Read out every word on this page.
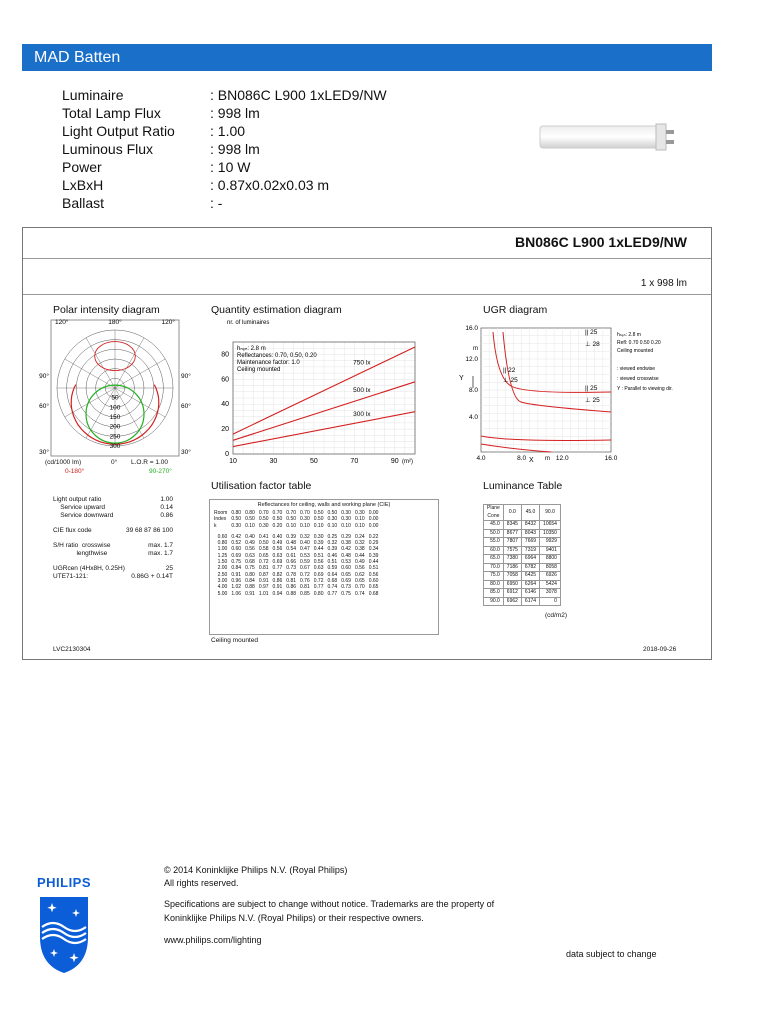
MAD Batten
Luminaire	: BN086C L900 1xLED9/NW
Total Lamp Flux	: 998 lm
Light Output Ratio	: 1.00
Luminous Flux	: 998 lm
Power	: 10 W
LxBxH	: 0.87x0.02x0.03 m
Ballast	: -
BN086C L900 1xLED9/NW
1 x 998 lm
Polar intensity diagram
50
100
150
200
250
300
120°	180°	120°
90°	90°
60°	60°
30°	30°
(cd/1000 lm)	0° L.O.R = 1.00
0-180°	90-270°
Quantity estimation diagram
nr. of luminaires
10	30	50	70	90
0
20
40
60
80
(m²)
hₙₑₙ: 2.8 m
Reflectances: 0.70, 0.50, 0.20
Maintenance factor: 1.0
Ceiling mounted
750 lx
500 lx
300 lx
UGR diagram
16.0
12.0
8.0
4.0
4.0	8.0	12.0	16.0
m
Y
m
X
|| 22
⊥ 25
|| 25
⊥ 28
|| 25
⊥ 25
hₙₑₙ: 2.8 m
Refl: 0.70 0.50 0.20
Ceiling mounted
: viewed endwise
: viewed crosswise
Y : Parallel to viewing dir.
Light output ratio	1.00
Service upward	0.14
Service downward	0.86
CIE flux code	39 68 87 86 100
S/H ratio  crosswise	max. 1.7
lengthwise	max. 1.7
UGRcen (4Hx8H, 0.25H)	25
UTE71-121:	0.86G + 0.14T
Utilisation factor table
Reflectances for ceiling, walls and working plane (CIE)
Room	0.80	0.80	0.70	0.70	0.70	0.70	0.50	0.50	0.30	0.30	0.00
Index	0.50	0.50	0.50	0.50	0.50	0.30	0.50	0.30	0.30	0.10	0.00
k	0.30	0.10	0.30	0.20	0.10	0.10	0.10	0.10	0.10	0.10	0.00

0.60	0.42	0.40	0.41	0.40	0.39	0.32	0.30	0.25	0.29	0.24	0.22
0.80	0.52	0.49	0.50	0.49	0.48	0.40	0.39	0.32	0.38	0.32	0.29
1.00	0.60	0.56	0.58	0.56	0.54	0.47	0.44	0.39	0.42	0.38	0.34
1.25	0.69	0.63	0.65	0.63	0.61	0.53	0.51	0.46	0.48	0.44	0.39
1.50	0.75	0.68	0.72	0.69	0.66	0.59	0.56	0.51	0.53	0.49	0.44
2.00	0.84	0.75	0.81	0.77	0.73	0.67	0.63	0.59	0.60	0.56	0.51
2.50	0.91	0.80	0.87	0.82	0.78	0.72	0.69	0.64	0.65	0.62	0.56
3.00	0.96	0.84	0.91	0.86	0.81	0.76	0.72	0.68	0.69	0.65	0.60
4.00	1.02	0.88	0.97	0.91	0.86	0.81	0.77	0.74	0.73	0.70	0.65
5.00	1.06	0.91	1.01	0.94	0.88	0.85	0.80	0.77	0.75	0.74	0.68
Ceiling mounted
Luminance Table
Plane
Cone	0.0	45.0	90.0
45.0	8345	8432	10654
50.0	8677	8043	10350
55.0	7807	7669	9929
60.0	7575	7319	9401
65.0	7380	6964	8800
70.0	7186	6782	8058
75.0	7058	6425	6926
80.0	6950	6264	5424
85.0	6912	6146	3078
90.0	6962	6174	0
(cd/m2)
LVC2130304	2018-09-26
PHILIPS
© 2014 Koninklijke Philips N.V. (Royal Philips)
All rights reserved.
Specifications are subject to change without notice. Trademarks are the property of
Koninklijke Philips N.V. (Royal Philips) or their respective owners.
www.philips.com/lighting
data subject to change
